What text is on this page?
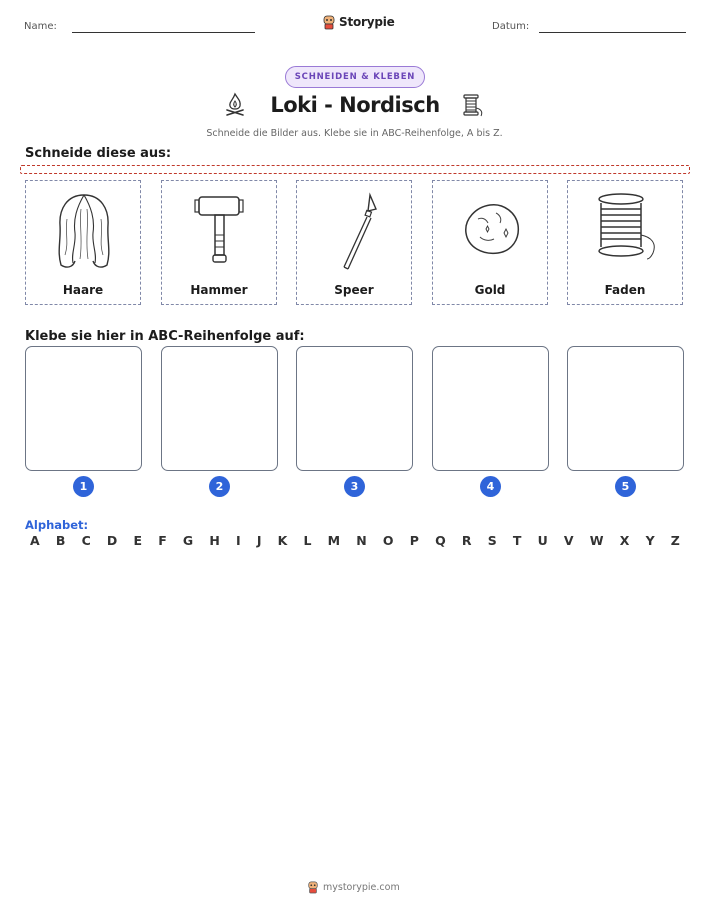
Name:	Storypie	Datum:
SCHNEIDEN & KLEBEN
Loki - Nordisch
Schneide die Bilder aus. Klebe sie in ABC-Reihenfolge, A bis Z.
Schneide diese aus:
Haare	Hammer	Speer	Gold	Faden
Klebe sie hier in ABC-Reihenfolge auf:
1	2	3	4	5
Alphabet:
A B C D E F G H I J K L M N O P Q R S T U V W X Y Z
mystorypie.com
